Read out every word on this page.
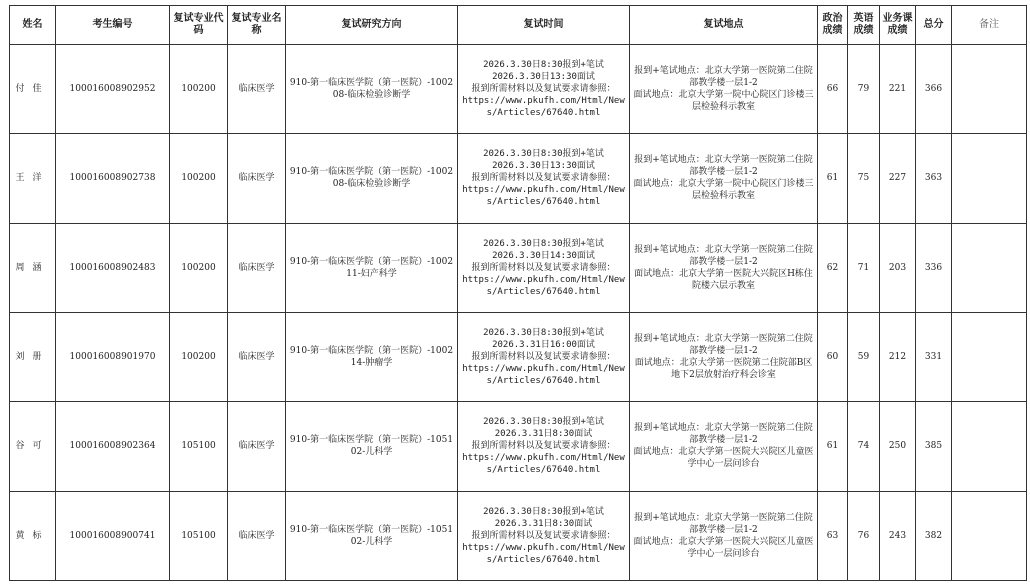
姓名	考生编号	复试专业代码	复试专业名称	复试研究方向	复试时间	复试地点	政治成绩	英语成绩	业务课成绩	总分	备注
付佳	100016008902952	100200	临床医学	910-第一临床医学院（第一医院）-100208-临床检验诊断学	2026.3.30日8:30报到+笔试
2026.3.30日13:30面试
报到所需材料以及复试要求请参照：
https://www.pkufh.com/Html/News/Articles/67640.html	报到+笔试地点：北京大学第一医院第二住院部教学楼一层1-2
面试地点：北京大学第一院中心院区门诊楼三层检验科示教室	66	79	221	366	
王洋	100016008902738	100200	临床医学	910-第一临床医学院（第一医院）-100208-临床检验诊断学	2026.3.30日8:30报到+笔试
2026.3.30日13:30面试
报到所需材料以及复试要求请参照：
https://www.pkufh.com/Html/News/Articles/67640.html	报到+笔试地点：北京大学第一医院第二住院部教学楼一层1-2
面试地点：北京大学第一院中心院区门诊楼三层检验科示教室	61	75	227	363	
周涵	100016008902483	100200	临床医学	910-第一临床医学院（第一医院）-100211-妇产科学	2026.3.30日8:30报到+笔试
2026.3.30日14:30面试
报到所需材料以及复试要求请参照：
https://www.pkufh.com/Html/News/Articles/67640.html	报到+笔试地点：北京大学第一医院第二住院部教学楼一层1-2
面试地点：北京大学第一医院大兴院区H栋住院楼六层示教室	62	71	203	336	
刘册	100016008901970	100200	临床医学	910-第一临床医学院（第一医院）-100214-肿瘤学	2026.3.30日8:30报到+笔试
2026.3.31日16:00面试
报到所需材料以及复试要求请参照：
https://www.pkufh.com/Html/News/Articles/67640.html	报到+笔试地点：北京大学第一医院第二住院部教学楼一层1-2
面试地点：北京大学第一医院第二住院部B区地下2层放射治疗科会诊室	60	59	212	331	
谷可	100016008902364	105100	临床医学	910-第一临床医学院（第一医院）-105102-儿科学	2026.3.30日8:30报到+笔试
2026.3.31日8:30面试
报到所需材料以及复试要求请参照：
https://www.pkufh.com/Html/News/Articles/67640.html	报到+笔试地点：北京大学第一医院第二住院部教学楼一层1-2
面试地点：北京大学第一医院大兴院区儿童医学中心一层问诊台	61	74	250	385	
黄标	100016008900741	105100	临床医学	910-第一临床医学院（第一医院）-105102-儿科学	2026.3.30日8:30报到+笔试
2026.3.31日8:30面试
报到所需材料以及复试要求请参照：
https://www.pkufh.com/Html/News/Articles/67640.html	报到+笔试地点：北京大学第一医院第二住院部教学楼一层1-2
面试地点：北京大学第一医院大兴院区儿童医学中心一层问诊台	63	76	243	382	
